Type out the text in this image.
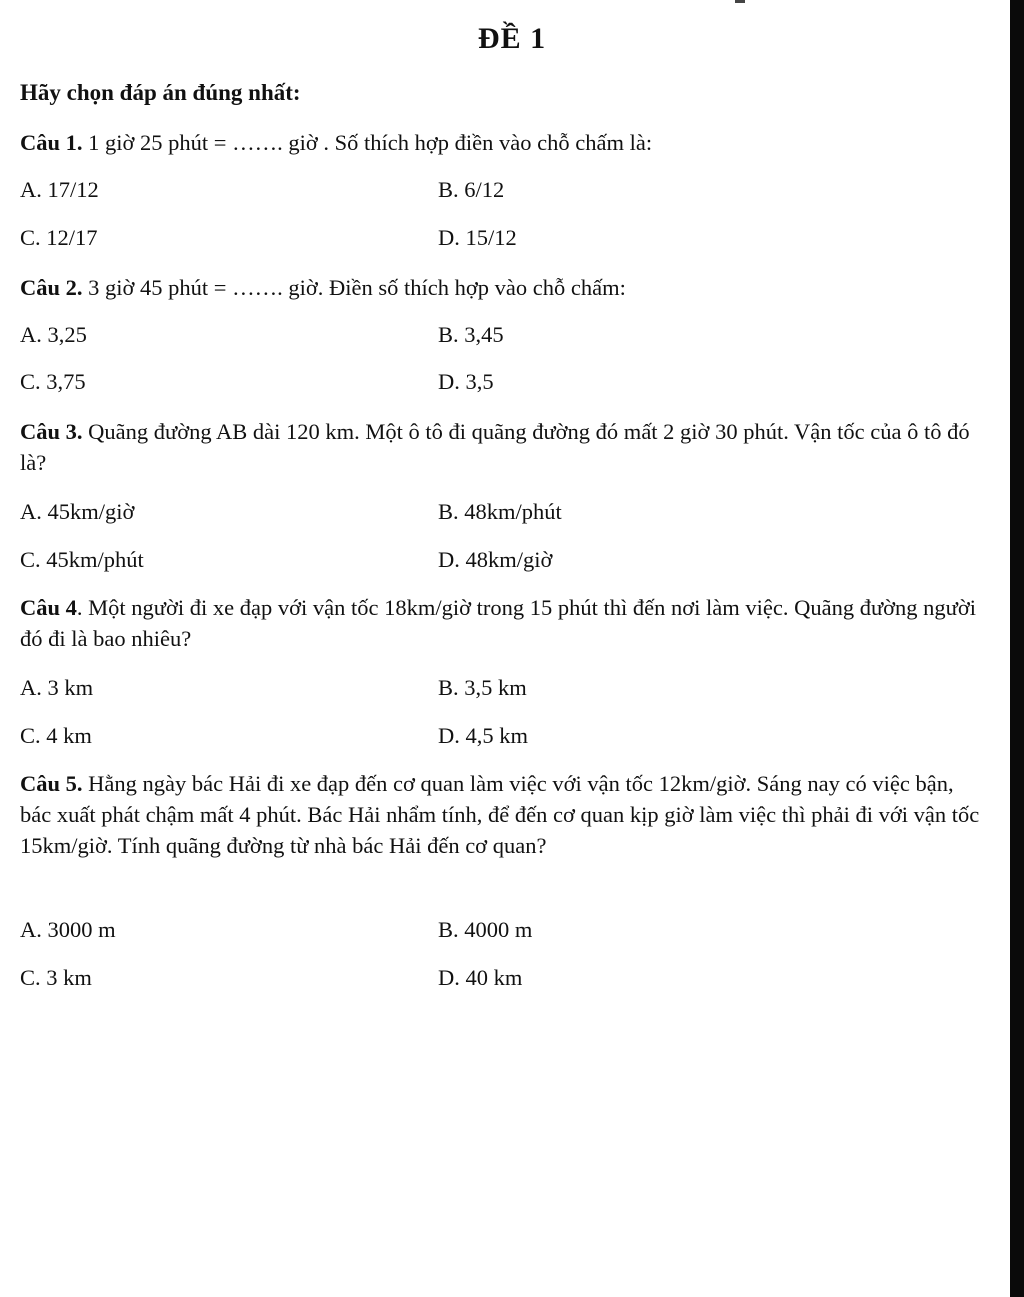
ĐỀ 1
Hãy chọn đáp án đúng nhất:
Câu 1. 1 giờ 25 phút = ……. giờ . Số thích hợp điền vào chỗ chấm là:
A. 17/12	B. 6/12
C. 12/17	D. 15/12
Câu 2. 3 giờ 45 phút = ……. giờ. Điền số thích hợp vào chỗ chấm:
A. 3,25	B. 3,45
C. 3,75	D. 3,5
Câu 3. Quãng đường AB dài 120 km. Một ô tô đi quãng đường đó mất 2 giờ 30 phút. Vận tốc của ô tô đó là?
A. 45km/giờ	B. 48km/phút
C. 45km/phút	D. 48km/giờ
Câu 4. Một người đi xe đạp với vận tốc 18km/giờ trong 15 phút thì đến nơi làm việc. Quãng đường người đó đi là bao nhiêu?
A. 3 km	B. 3,5 km
C. 4 km	D. 4,5 km
Câu 5. Hằng ngày bác Hải đi xe đạp đến cơ quan làm việc với vận tốc 12km/giờ. Sáng nay có việc bận, bác xuất phát chậm mất 4 phút. Bác Hải nhẩm tính, để đến cơ quan kịp giờ làm việc thì phải đi với vận tốc 15km/giờ. Tính quãng đường từ nhà bác Hải đến cơ quan?
A. 3000 m	B. 4000 m
C. 3 km	D. 40 km
